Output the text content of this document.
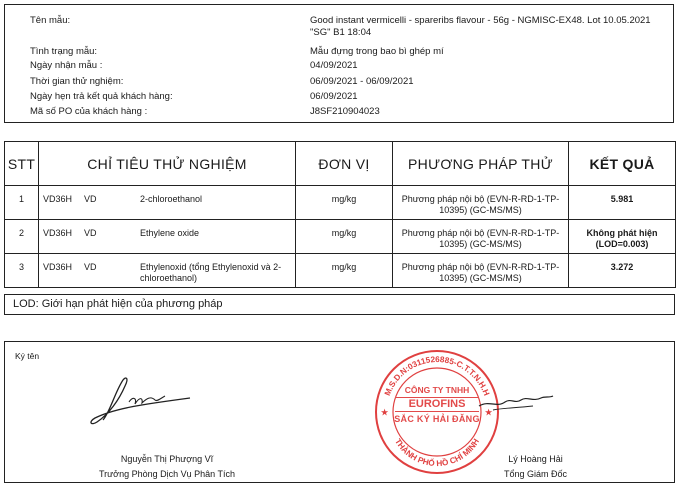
Tên mẫu:	Good instant vermicelli - spareribs flavour - 56g - NGMISC-EX48. Lot 10.05.2021 "SG" B1 18:04
Tình trạng mẫu:	Mẫu đựng trong bao bì ghép mí
Ngày nhận mẫu :	04/09/2021
Thời gian thử nghiệm:	06/09/2021 - 06/09/2021
Ngày hẹn trả kết quả khách hàng:	06/09/2021
Mã số PO của khách hàng :	J8SF210904023
STT	CHỈ TIÊU THỬ NGHIỆM	ĐƠN VỊ	PHƯƠNG PHÁP THỬ	KẾT QUẢ
1	VD36H VD 2-chloroethanol	mg/kg	Phương pháp nội bộ (EVN-R-RD-1-TP-10395) (GC-MS/MS)	5.981
2	VD36H VD Ethylene oxide	mg/kg	Phương pháp nội bộ (EVN-R-RD-1-TP-10395) (GC-MS/MS)	Không phát hiện (LOD=0.003)
3	VD36H VD Ethylenoxid (tổng Ethylenoxid và 2-chloroethanol)	mg/kg	Phương pháp nội bộ (EVN-R-RD-1-TP-10395) (GC-MS/MS)	3.272
LOD: Giới hạn phát hiện của phương pháp
Ký tên
M.S.D.N:0311526885-C.T.T.N.H.H
THÀNH PHỐ HỒ CHÍ MINH
★	★
CÔNG TY TNHH
EUROFINS
SẮC KÝ HẢI ĐĂNG
Nguyễn Thị Phượng Vĩ
Trưởng Phòng Dịch Vụ Phân Tích
Lý Hoàng Hải
Tổng Giám Đốc
